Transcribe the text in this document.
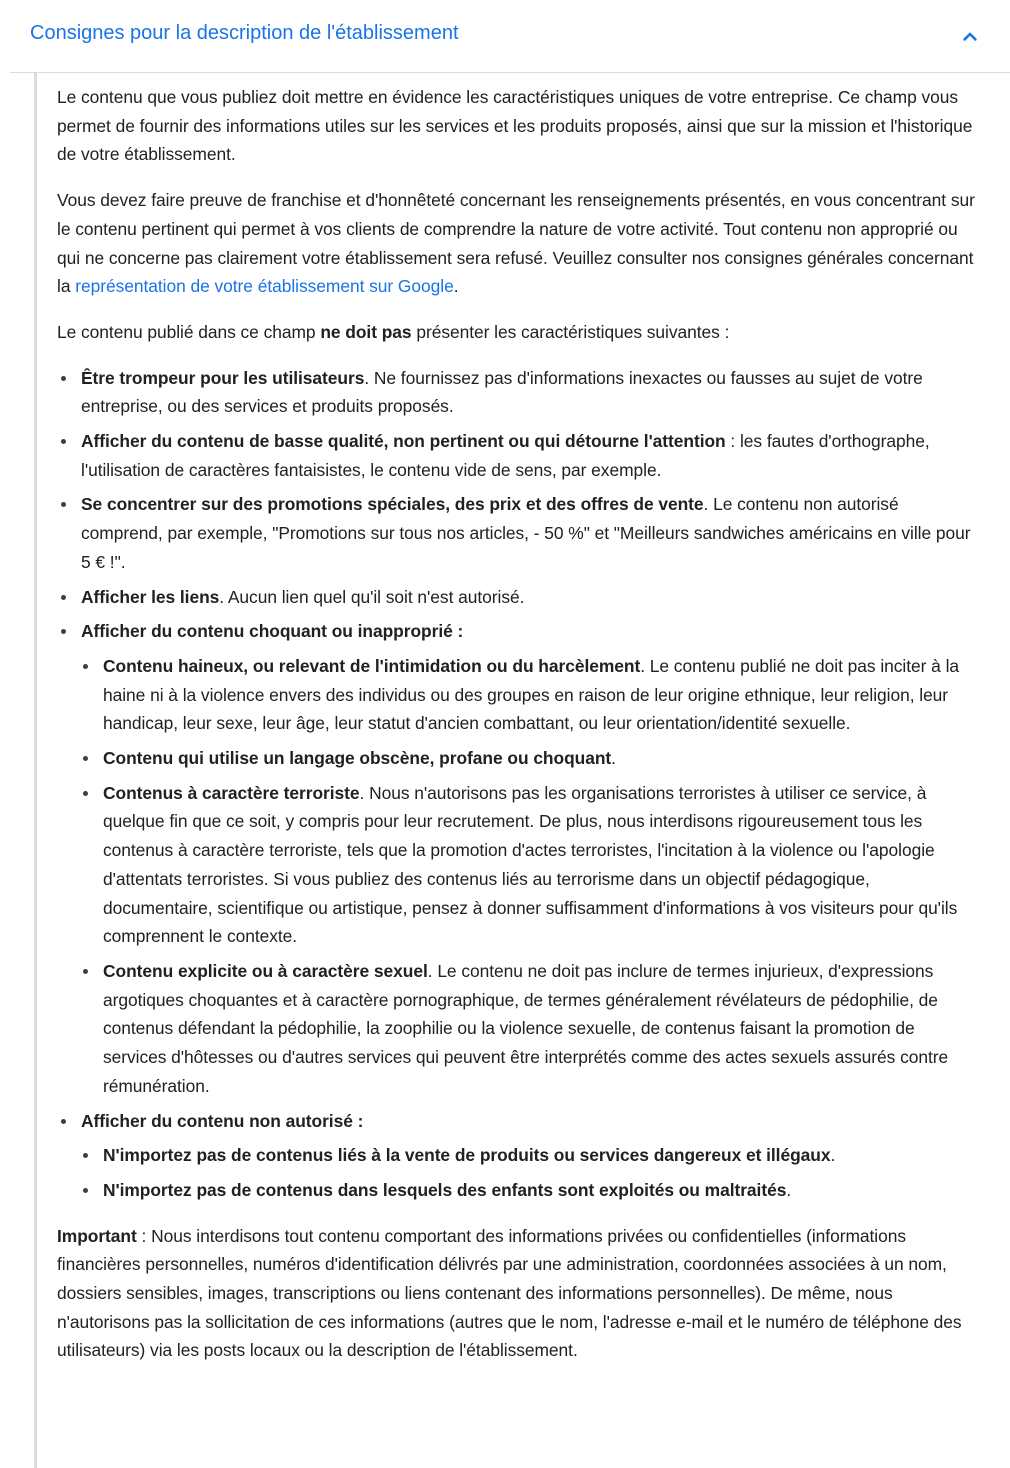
Consignes pour la description de l'établissement

Le contenu que vous publiez doit mettre en évidence les caractéristiques uniques de votre entreprise. Ce champ vous permet de fournir des informations utiles sur les services et les produits proposés, ainsi que sur la mission et l'historique de votre établissement.

Vous devez faire preuve de franchise et d'honnêteté concernant les renseignements présentés, en vous concentrant sur le contenu pertinent qui permet à vos clients de comprendre la nature de votre activité. Tout contenu non approprié ou qui ne concerne pas clairement votre établissement sera refusé. Veuillez consulter nos consignes générales concernant la représentation de votre établissement sur Google.

Le contenu publié dans ce champ ne doit pas présenter les caractéristiques suivantes :

Être trompeur pour les utilisateurs. Ne fournissez pas d'informations inexactes ou fausses au sujet de votre entreprise, ou des services et produits proposés.
Afficher du contenu de basse qualité, non pertinent ou qui détourne l'attention : les fautes d'orthographe, l'utilisation de caractères fantaisistes, le contenu vide de sens, par exemple.
Se concentrer sur des promotions spéciales, des prix et des offres de vente. Le contenu non autorisé comprend, par exemple, "Promotions sur tous nos articles, - 50 %" et "Meilleurs sandwiches américains en ville pour 5 € !".
Afficher les liens. Aucun lien quel qu'il soit n'est autorisé.
Afficher du contenu choquant ou inapproprié :
Contenu haineux, ou relevant de l'intimidation ou du harcèlement. Le contenu publié ne doit pas inciter à la haine ni à la violence envers des individus ou des groupes en raison de leur origine ethnique, leur religion, leur handicap, leur sexe, leur âge, leur statut d'ancien combattant, ou leur orientation/identité sexuelle.
Contenu qui utilise un langage obscène, profane ou choquant.
Contenus à caractère terroriste. Nous n'autorisons pas les organisations terroristes à utiliser ce service, à quelque fin que ce soit, y compris pour leur recrutement. De plus, nous interdisons rigoureusement tous les contenus à caractère terroriste, tels que la promotion d'actes terroristes, l'incitation à la violence ou l'apologie d'attentats terroristes. Si vous publiez des contenus liés au terrorisme dans un objectif pédagogique, documentaire, scientifique ou artistique, pensez à donner suffisamment d'informations à vos visiteurs pour qu'ils comprennent le contexte.
Contenu explicite ou à caractère sexuel. Le contenu ne doit pas inclure de termes injurieux, d'expressions argotiques choquantes et à caractère pornographique, de termes généralement révélateurs de pédophilie, de contenus défendant la pédophilie, la zoophilie ou la violence sexuelle, de contenus faisant la promotion de services d'hôtesses ou d'autres services qui peuvent être interprétés comme des actes sexuels assurés contre rémunération.
Afficher du contenu non autorisé :
N'importez pas de contenus liés à la vente de produits ou services dangereux et illégaux.
N'importez pas de contenus dans lesquels des enfants sont exploités ou maltraités.

Important : Nous interdisons tout contenu comportant des informations privées ou confidentielles (informations financières personnelles, numéros d'identification délivrés par une administration, coordonnées associées à un nom, dossiers sensibles, images, transcriptions ou liens contenant des informations personnelles). De même, nous n'autorisons pas la sollicitation de ces informations (autres que le nom, l'adresse e-mail et le numéro de téléphone des utilisateurs) via les posts locaux ou la description de l'établissement.
